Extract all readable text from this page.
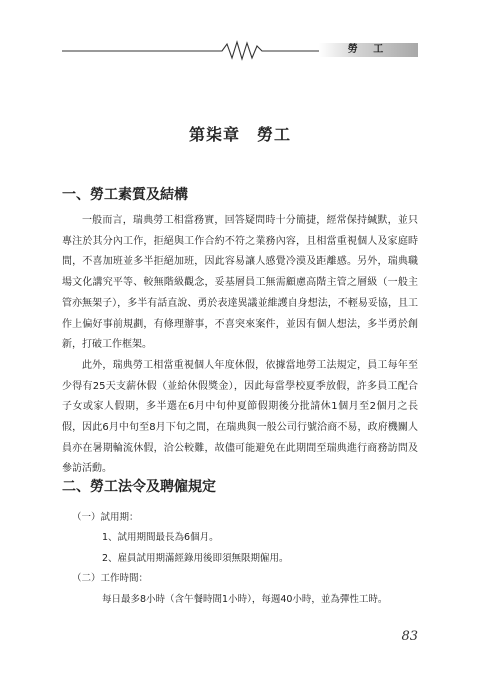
勞 工
第柒章　勞工
一、勞工素質及結構

一般而言，瑞典勞工相當務實，回答疑問時十分簡捷，經常保持緘默，並只專注於其分內工作，拒絕與工作合約不符之業務內容，且相當重視個人及家庭時間，不喜加班並多半拒絕加班，因此容易讓人感覺冷漠及距離感。另外，瑞典職場文化講究平等、較無階級觀念，妥基層員工無需顧慮高階主管之層級（一般主管亦無架子），多半有話直說、勇於表達異議並維護自身想法，不輕易妥協，且工作上偏好事前規劃，有條理辦事，不喜突來案件，並因有個人想法，多半勇於創新，打破工作框架。

此外，瑞典勞工相當重視個人年度休假，依據當地勞工法規定，員工每年至少得有25天支薪休假（並給休假獎金），因此每當學校夏季放假，許多員工配合子女或家人假期，多半選在6月中旬仲夏節假期後分批請休1個月至2個月之長假，因此6月中旬至8月下旬之間，在瑞典與一般公司行號洽商不易，政府機關人員亦在暑期輪流休假，洽公較難，故儘可能避免在此期間至瑞典進行商務訪問及參訪活動。

二、勞工法令及聘僱規定
（一）試用期：
1、試用期間最長為6個月。
2、雇員試用期滿經錄用後即須無限期僱用。
（二）工作時間：
每日最多8小時（含午餐時間1小時），每週40小時，並為彈性工時。
83
